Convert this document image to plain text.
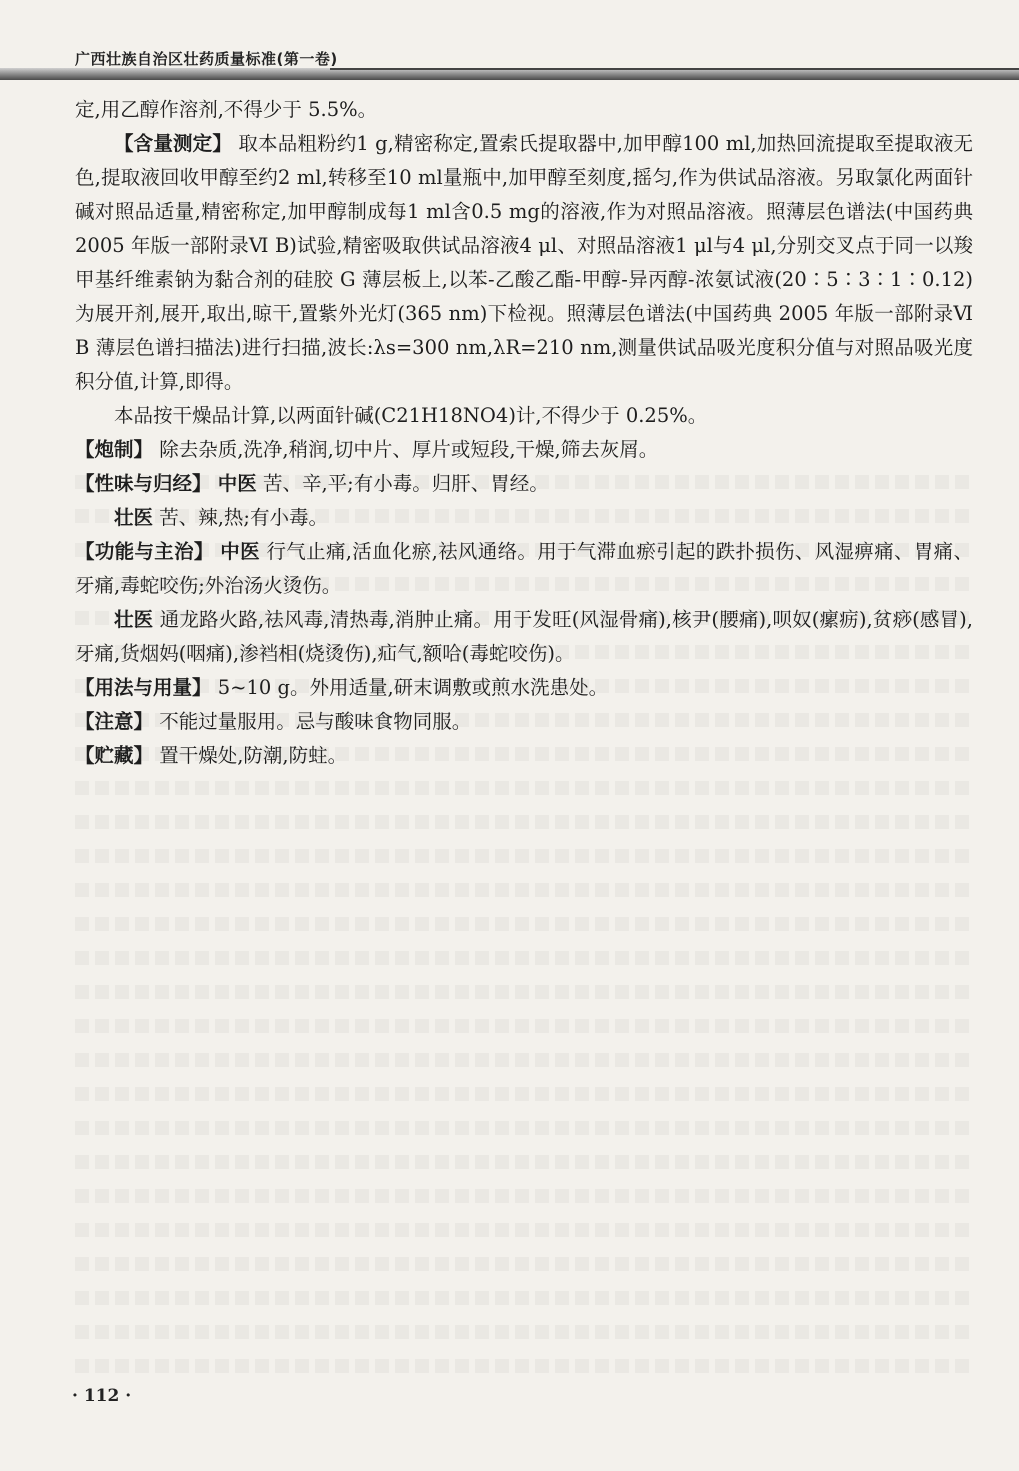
广西壮族自治区壮药质量标准(第一卷)

定,用乙醇作溶剂,不得少于 5.5%。

【含量测定】 取本品粗粉约1 g,精密称定,置索氏提取器中,加甲醇100 ml,加热回流提取至提取液无色,提取液回收甲醇至约2 ml,转移至10 ml量瓶中,加甲醇至刻度,摇匀,作为供试品溶液。另取氯化两面针碱对照品适量,精密称定,加甲醇制成每1 ml含0.5 mg的溶液,作为对照品溶液。照薄层色谱法(中国药典 2005 年版一部附录Ⅵ B)试验,精密吸取供试品溶液4 μl、对照品溶液1 μl与4 μl,分别交叉点于同一以羧甲基纤维素钠为黏合剂的硅胶 G 薄层板上,以苯-乙酸乙酯-甲醇-异丙醇-浓氨试液(20∶5∶3∶1∶0.12)为展开剂,展开,取出,晾干,置紫外光灯(365 nm)下检视。照薄层色谱法(中国药典 2005 年版一部附录Ⅵ B 薄层色谱扫描法)进行扫描,波长:λs=300 nm,λR=210 nm,测量供试品吸光度积分值与对照品吸光度积分值,计算,即得。

本品按干燥品计算,以两面针碱(C21H18NO4)计,不得少于 0.25%。

【炮制】 除去杂质,洗净,稍润,切中片、厚片或短段,干燥,筛去灰屑。

【性味与归经】 中医 苦、辛,平;有小毒。归肝、胃经。

壮医 苦、辣,热;有小毒。

【功能与主治】 中医 行气止痛,活血化瘀,祛风通络。用于气滞血瘀引起的跌扑损伤、风湿痹痛、胃痛、牙痛,毒蛇咬伤;外治汤火烫伤。

壮医 通龙路火路,祛风毒,清热毒,消肿止痛。用于发旺(风湿骨痛),核尹(腰痛),呗奴(瘰疬),贫痧(感冒),牙痛,货烟妈(咽痛),渗裆相(烧烫伤),疝气,额哈(毒蛇咬伤)。

【用法与用量】 5~10 g。外用适量,研末调敷或煎水洗患处。

【注意】 不能过量服用。忌与酸味食物同服。

【贮藏】 置干燥处,防潮,防蛀。

· 112 ·
